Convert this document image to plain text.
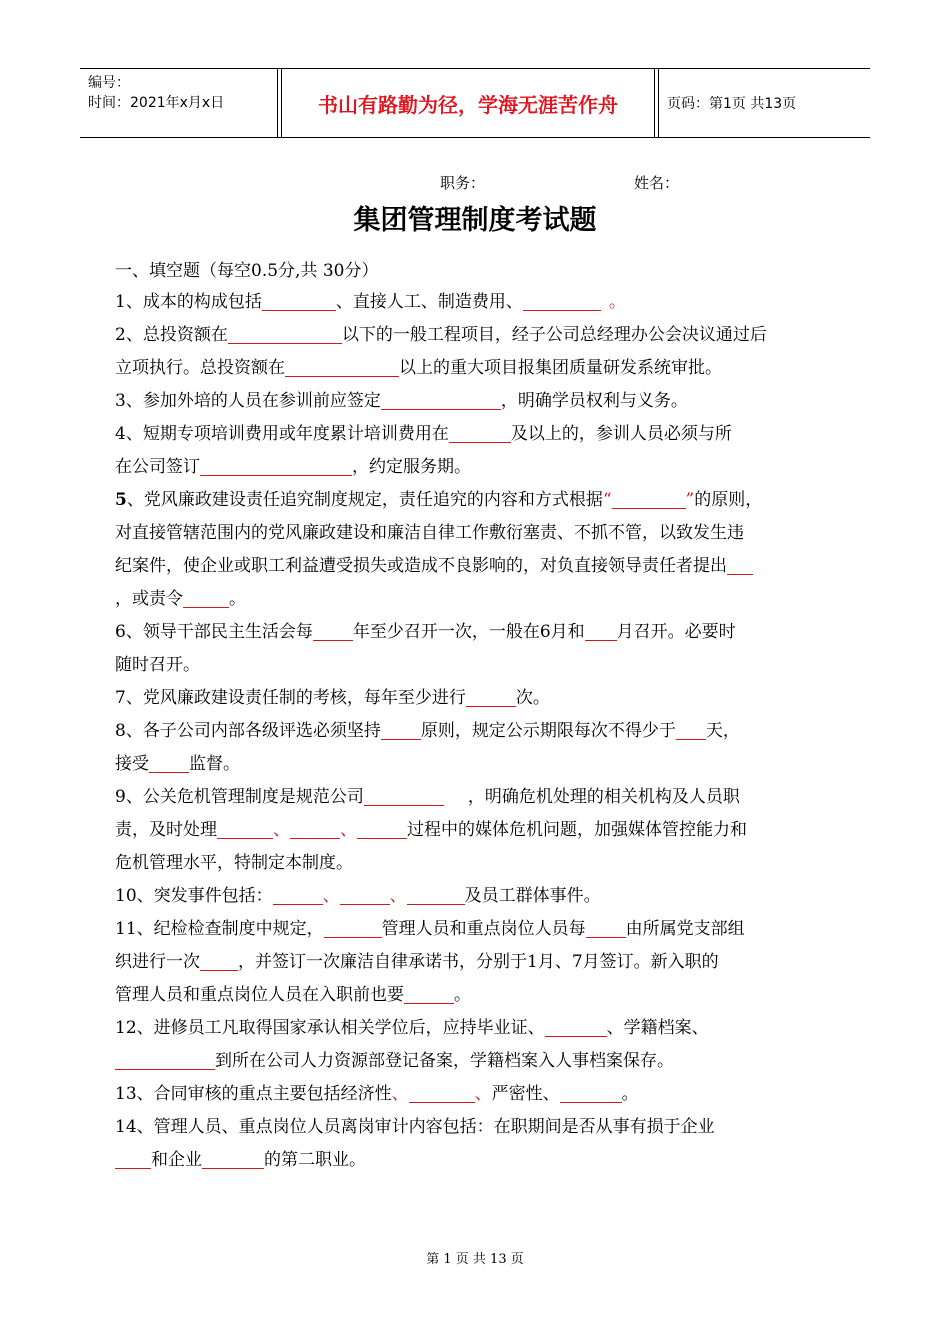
编号：
时间：2021年x月x日	书山有路勤为径，学海无涯苦作舟	页码：第1页 共13页
职务：	姓名：
集团管理制度考试题
一、填空题（每空0.5分,共 30分）
1、成本的构成包括	、直接人工、制造费用、	。
2、总投资额在	以下的一般工程项目，经子公司总经理办公会决议通过后
立项执行。总投资额在	以上的重大项目报集团质量研发系统审批。
3、参加外培的人员在参训前应签定	，明确学员权利与义务。
4、短期专项培训费用或年度累计培训费用在	及以上的，参训人员必须与所
在公司签订	，约定服务期。
5、党风廉政建设责任追究制度规定，责任追究的内容和方式根据“	”的原则，
对直接管辖范围内的党风廉政建设和廉洁自律工作敷衍塞责、不抓不管，以致发生违
纪案件，使企业或职工利益遭受损失或造成不良影响的，对负直接领导责任者提出
，或责令	。
6、领导干部民主生活会每 年至少召开一次，一般在6月和 月召开。必要时
随时召开。
7、党风廉政建设责任制的考核，每年至少进行	次。
8、各子公司内部各级评选必须坚持 原则，规定公示期限每次不得少于 天，
接受 监督。
9、公关危机管理制度是规范公司	，明确危机处理的相关机构及人员职
责，及时处理	、	、	过程中的媒体危机问题，加强媒体管控能力和
危机管理水平，特制定本制度。
10、突发事件包括：	、	、	及员工群体事件。
11、纪检检查制度中规定，	管理人员和重点岗位人员每 由所属党支部组
织进行一次 ，并签订一次廉洁自律承诺书，分别于1月、7月签订。新入职的
管理人员和重点岗位人员在入职前也要	。
12、进修员工凡取得国家承认相关学位后，应持毕业证、	、学籍档案、
到所在公司人力资源部登记备案，学籍档案入人事档案保存。
13、合同审核的重点主要包括经济性、	、严密性、	。
14、管理人员、重点岗位人员离岗审计内容包括：在职期间是否从事有损于企业
和企业	的第二职业。
第 1 页 共 13 页
